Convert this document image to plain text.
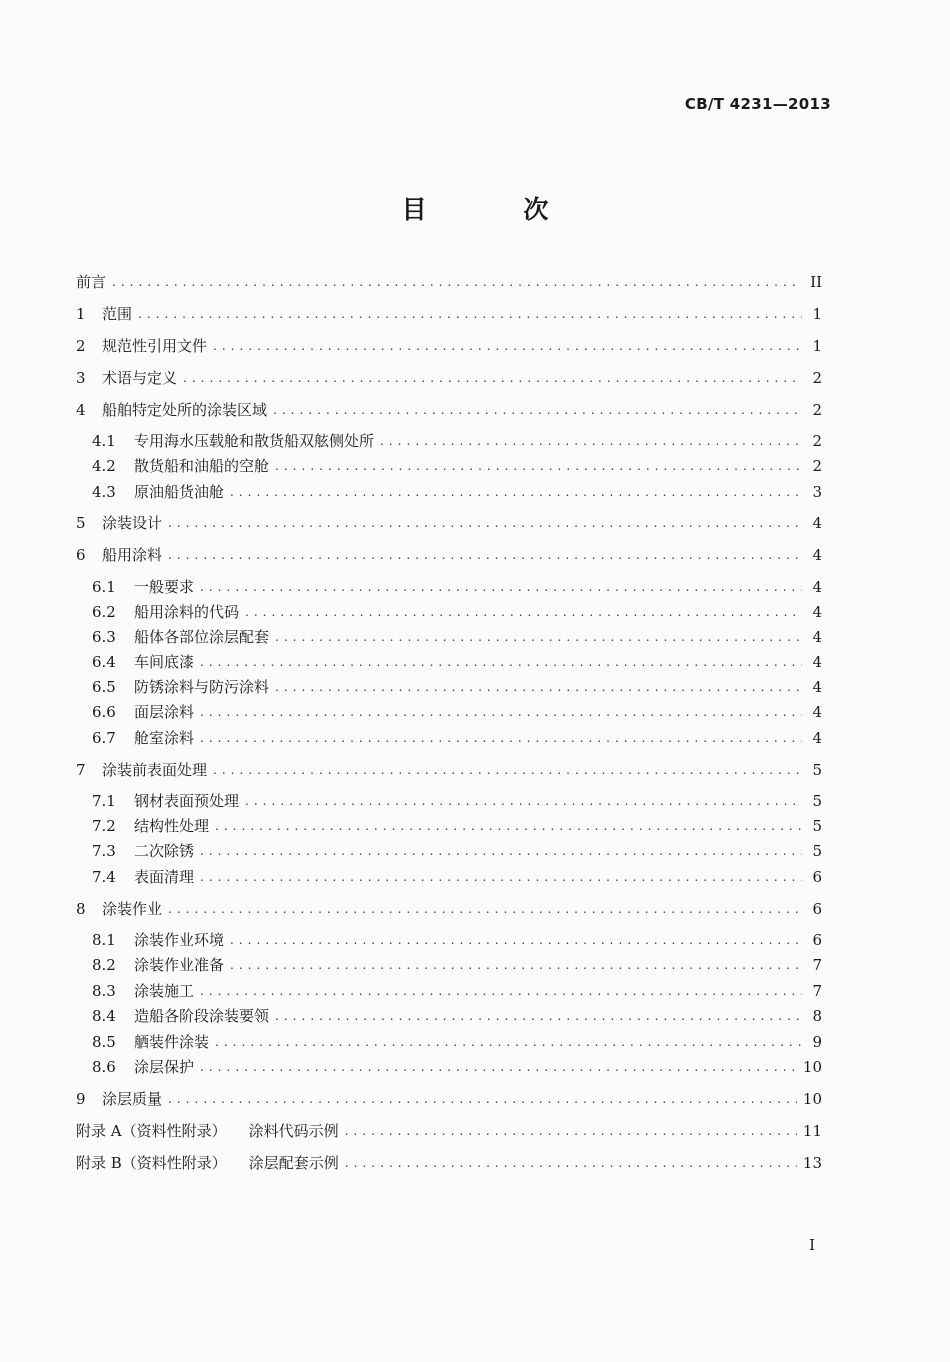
CB/T 4231—2013
目 次
前言 . . .	II
1	范围 . . .	1
2	规范性引用文件 . . .	1
3	术语与定义 . . .	2
4	船舶特定处所的涂装区域 . . .	2
4.1	专用海水压载舱和散货船双舷侧处所 . . .	2
4.2	散货船和油船的空舱 . . .	2
4.3	原油船货油舱 . . .	3
5	涂装设计 . . .	4
6	船用涂料 . . .	4
6.1	一般要求 . . .	4
6.2	船用涂料的代码 . . .	4
6.3	船体各部位涂层配套 . . .	4
6.4	车间底漆 . . .	4
6.5	防锈涂料与防污涂料 . . .	4
6.6	面层涂料 . . .	4
6.7	舱室涂料 . . .	4
7	涂装前表面处理 . . .	5
7.1	钢材表面预处理 . . .	5
7.2	结构性处理 . . .	5
7.3	二次除锈 . . .	5
7.4	表面清理 . . .	6
8	涂装作业 . . .	6
8.1	涂装作业环境 . . .	6
8.2	涂装作业准备 . . .	7
8.3	涂装施工 . . .	7
8.4	造船各阶段涂装要领 . . .	8
8.5	舾装件涂装 . . .	9
8.6	涂层保护 . . .	10
9	涂层质量 . . .	10
附录 A（资料性附录） 涂料代码示例 . . .	11
附录 B（资料性附录） 涂层配套示例 . . .	13
I
